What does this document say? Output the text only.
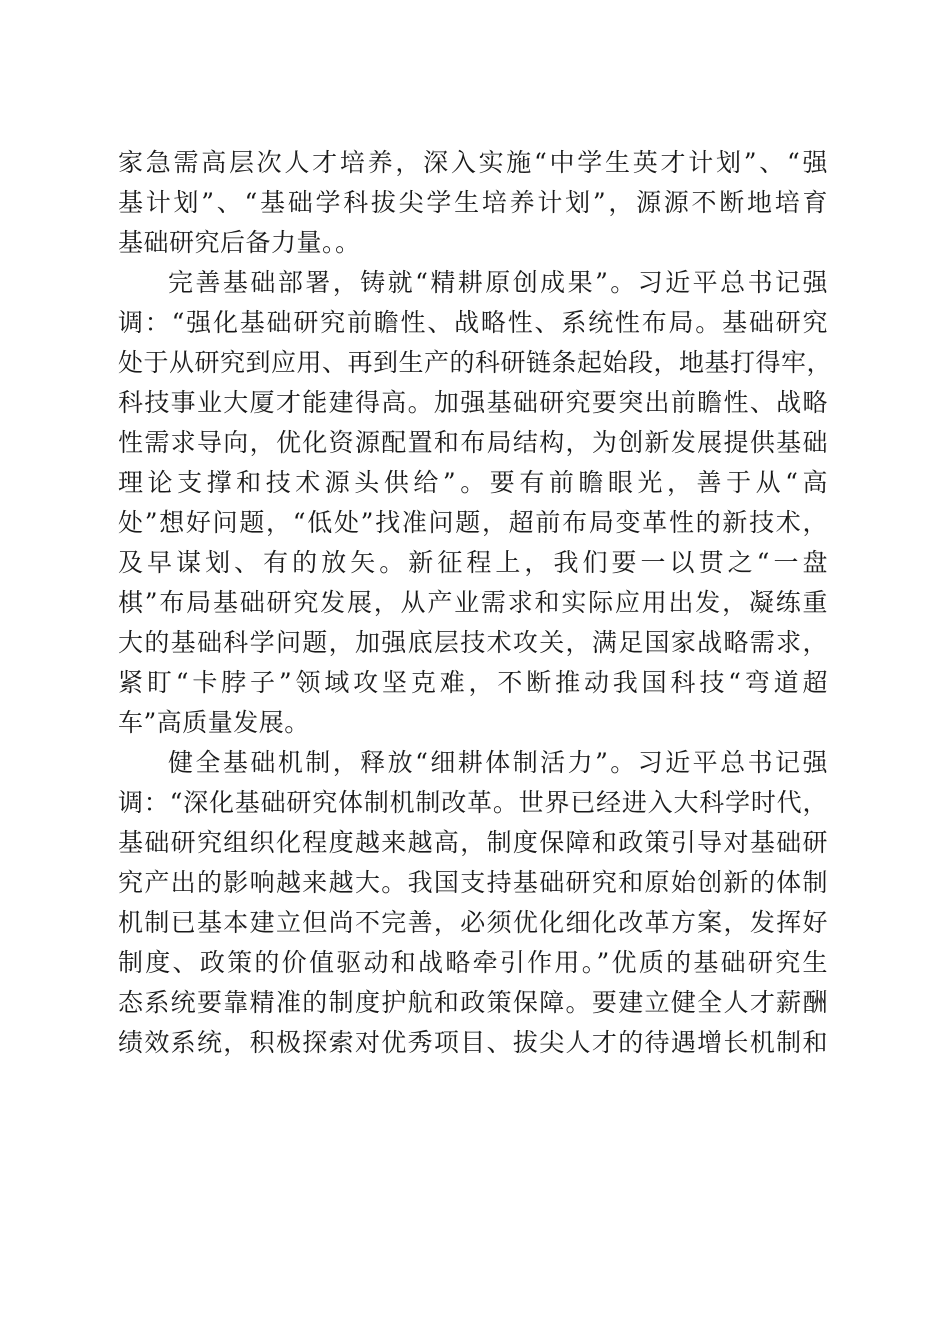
家急需高层次人才培养，深入实施“中学生英才计划”、“强
基计划”、“基础学科拔尖学生培养计划”，源源不断地培育
基础研究后备力量。。
完善基础部署，铸就“精耕原创成果”。习近平总书记强
调：“强化基础研究前瞻性、战略性、系统性布局。基础研究
处于从研究到应用、再到生产的科研链条起始段，地基打得牢，
科技事业大厦才能建得高。加强基础研究要突出前瞻性、战略
性需求导向，优化资源配置和布局结构，为创新发展提供基础
理论支撑和技术源头供给”。要有前瞻眼光，善于从“高
处”想好问题，“低处”找准问题，超前布局变革性的新技术，
及早谋划、有的放矢。新征程上，我们要一以贯之“一盘
棋”布局基础研究发展，从产业需求和实际应用出发，凝练重
大的基础科学问题，加强底层技术攻关，满足国家战略需求，
紧盯“卡脖子”领域攻坚克难，不断推动我国科技“弯道超
车”高质量发展。
健全基础机制，释放“细耕体制活力”。习近平总书记强
调：“深化基础研究体制机制改革。世界已经进入大科学时代，
基础研究组织化程度越来越高，制度保障和政策引导对基础研
究产出的影响越来越大。我国支持基础研究和原始创新的体制
机制已基本建立但尚不完善，必须优化细化改革方案，发挥好
制度、政策的价值驱动和战略牵引作用。”优质的基础研究生
态系统要靠精准的制度护航和政策保障。要建立健全人才薪酬
绩效系统，积极探索对优秀项目、拔尖人才的待遇增长机制和
